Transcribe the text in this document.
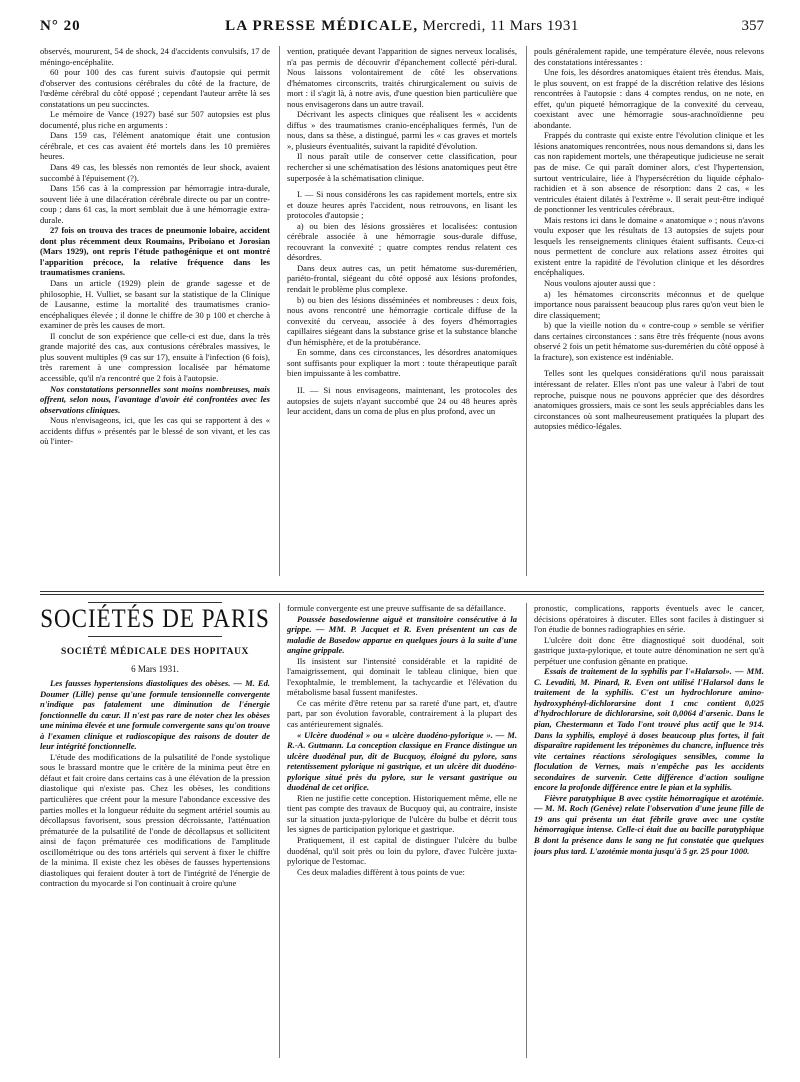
N° 20	LA PRESSE MÉDICALE, Mercredi, 11 Mars 1931	357

observés, moururent, 54 de shock, 24 d'accidents convulsifs, 17 de méningo-encéphalite.

60 pour 100 des cas furent suivis d'autopsie qui permit d'observer des contusions cérébrales du côté de la fracture, de l'œdème cérébral du côté opposé ; cependant l'auteur arrête là ses constatations un peu succinctes.

Le mémoire de Vance (1927) basé sur 507 autopsies est plus documenté, plus riche en arguments :

Dans 159 cas, l'élément anatomique était une contusion cérébrale, et ces cas avaient été mortels dans les 10 premières heures.

Dans 49 cas, les blessés non remontés de leur shock, avaient succombé à l'épuisement (?).

Dans 156 cas à la compression par hémorragie intra-durale, souvent liée à une dilacération cérébrale directe ou par un contre-coup ; dans 61 cas, la mort semblait due à une hémorragie extra-durale.

27 fois on trouva des traces de pneumonie lobaire, accident dont plus récemment deux Roumains, Priboiano et Jorosian (Mars 1929), ont repris l'étude pathogénique et ont montré l'apparition précoce, la relative fréquence dans les traumatismes craniens.

Dans un article (1929) plein de grande sagesse et de philosophie, H. Vulliet, se basant sur la statistique de la Clinique de Lausanne, estime la mortalité des traumatismes cranio-encéphaliques élevée ; il donne le chiffre de 30 p 100 et cherche à examiner de près les causes de mort.

Il conclut de son expérience que celle-ci est due, dans la très grande majorité des cas, aux contusions cérébrales massives, le plus souvent multiples (9 cas sur 17), ensuite à l'infection (6 fois), très rarement à une compression localisée par hématome accessible, qu'il n'a rencontré que 2 fois à l'autopsie.

Nos constatations personnelles sont moins nombreuses, mais offrent, selon nous, l'avantage d'avoir été confrontées avec les observations cliniques.

Nous n'envisageons, ici, que les cas qui se rapportent à des « accidents diffus » présentés par le blessé de son vivant, et les cas où l'inter-

vention, pratiquée devant l'apparition de signes nerveux localisés, n'a pas permis de découvrir d'épanchement collecté péri-dural. Nous laissons volontairement de côté les observations d'hématomes circonscrits, traités chirurgicalement ou suivis de mort : il s'agit là, à notre avis, d'une question bien particulière que nous envisagerons dans un autre travail.

Décrivant les aspects cliniques que réalisent les « accidents diffus » des traumatismes cranio-encéphaliques fermés, l'un de nous, dans sa thèse, a distingué, parmi les « cas graves et mortels », plusieurs éventualités, suivant la rapidité d'évolution.

Il nous paraît utile de conserver cette classification, pour rechercher si une schématisation des lésions anatomiques peut être superposée à la schématisation clinique.

I. — Si nous considérons les cas rapidement mortels, entre six et douze heures après l'accident, nous retrouvons, en lisant les protocoles d'autopsie ;

a) ou bien des lésions grossières et localisées: contusion cérébrale associée à une hémorragie sous-durale diffuse, recouvrant la convexité ; quatre comptes rendus relatent ces désordres.

Dans deux autres cas, un petit hématome sus-duremérien, pariéto-frontal, siégeant du côté opposé aux lésions profondes, rendait le problème plus complexe.

b) ou bien des lésions disséminées et nombreuses : deux fois, nous avons rencontré une hémorragie corticale diffuse de la convexité du cerveau, associée à des foyers d'hémorragies capillaires siégeant dans la substance grise et la substance blanche d'un hémisphère, et de la protubérance.

En somme, dans ces circonstances, les désordres anatomiques sont suffisants pour expliquer la mort : toute thérapeutique paraît bien impuissante à les combattre.

II. — Si nous envisageons, maintenant, les protocoles des autopsies de sujets n'ayant succombé que 24 ou 48 heures après leur accident, dans un coma de plus en plus profond, avec un

pouls généralement rapide, une température élevée, nous relevons des constatations intéressantes :

Une fois, les désordres anatomiques étaient très étendus. Mais, le plus souvent, on est frappé de la discrétion relative des lésions rencontrées à l'autopsie : dans 4 comptes rendus, on ne note, en effet, qu'un piqueté hémorragique de la convexité du cerveau, coexistant avec une hémorragie sous-arachnoïdienne peu abondante.

Frappés du contraste qui existe entre l'évolution clinique et les lésions anatomiques rencontrées, nous nous demandons si, dans les cas non rapidement mortels, une thérapeutique judicieuse ne serait pas de mise. Ce qui paraît dominer alors, c'est l'hypertension, surtout ventriculaire, liée à l'hypersécrétion du liquide céphalo-rachidien et à son absence de résorption: dans 2 cas, « les ventricules étaient dilatés à l'extrême ». Il serait peut-être indiqué de ponctionner les ventricules cérébraux.

Mais restons ici dans le domaine « anatomique » ; nous n'avons voulu exposer que les résultats de 13 autopsies de sujets pour lesquels les renseignements cliniques étaient suffisants. Ceux-ci nous permettent de conclure aux relations assez étroites qui existent entre la rapidité de l'évolution clinique et les désordres encéphaliques.

Nous voulons ajouter aussi que :

a) les hématomes circonscrits méconnus et de quelque importance nous paraissent beaucoup plus rares qu'on veut bien le dire classiquement;

b) que la vieille notion du « contre-coup » semble se vérifier dans certaines circonstances : sans être très fréquente (nous avons observé 2 fois un petit hématome sus-duremérien du côté opposé à la fracture), son existence est indéniable.

Telles sont les quelques considérations qu'il nous paraissait intéressant de relater. Elles n'ont pas une valeur à l'abri de tout reproche, puisque nous ne pouvons apprécier que des désordres anatomiques grossiers, mais ce sont les seuls appréciables dans les circonstances où sont malheureusement pratiquées la plupart des autopsies médico-légales.

SOCIÉTÉS DE PARIS
SOCIÉTÉ MÉDICALE DES HOPITAUX
6 Mars 1931.

Les fausses hypertensions diastoliques des obèses. — M. Ed. Doumer (Lille) pense qu'une formule tensionnelle convergente n'indique pas fatalement une diminution de l'énergie fonctionnelle du cœur. Il n'est pas rare de noter chez les obèses une minima élevée et une formule convergente sans qu'on trouve à l'examen clinique et radioscopique des raisons de douter de leur intégrité fonctionnelle.

L'étude des modifications de la pulsatilité de l'onde systolique sous le brassard montre que le critère de la minima peut être en défaut et fait croire dans certains cas à une élévation de la pression diastolique qui n'existe pas. Chez les obèses, les conditions particulières que créent pour la mesure l'abondance excessive des parties molles et la longueur réduite du segment artériel soumis au décollapsus favorisent, sous pression décroissante, l'atténuation prématurée de la pulsatilité de l'onde de décollapsus et sollicitent ainsi de façon prématurée ces modifications de l'amplitude oscillométrique ou des tons artériels qui servent à fixer le chiffre de la minima. Il existe chez les obèses de fausses hypertensions diastoliques qui feraient douter à tort de l'intégrité de l'énergie de contraction du myocarde si l'on continuait à croire qu'une

formule convergente est une preuve suffisante de sa défaillance.

Poussée basedowienne aiguë et transitoire consécutive à la grippe. — MM. P. Jacquet et R. Even présentent un cas de maladie de Basedow apparue en quelques jours à la suite d'une angine grippale.

Ils insistent sur l'intensité considérable et la rapidité de l'amaigrissement, qui dominait le tableau clinique, bien que l'exophtalmie, le tremblement, la tachycardie et l'élévation du métabolisme basal fussent manifestes.

Ce cas mérite d'être retenu par sa rareté d'une part, et, d'autre part, par son évolution favorable, contrairement à la plupart des cas antérieurement signalés.

« Ulcère duodénal » ou « ulcère duodéno-pylorique ». — M. R.-A. Gutmann. La conception classique en France distingue un ulcère duodénal pur, dit de Bucquoy, éloigné du pylore, sans retentissement pylorique ni gastrique, et un ulcère dit duodéno-pylorique situé près du pylore, sur le versant gastrique ou duodénal de cet orifice.

Rien ne justifie cette conception. Historiquement même, elle ne tient pas compte des travaux de Bucquoy qui, au contraire, insiste sur la situation juxta-pylorique de l'ulcère du bulbe et décrit tous les signes de participation pylorique et gastrique.

Pratiquement, il est capital de distinguer l'ulcère du bulbe duodénal, qu'il soit près ou loin du pylore, d'avec l'ulcère juxta-pylorique de l'estomac.

Ces deux maladies diffèrent à tous points de vue:

pronostic, complications, rapports éventuels avec le cancer, décisions opératoires à discuter. Elles sont faciles à distinguer si l'on étudie de bonnes radiographies en série.

L'ulcère doit donc être diagnostiqué soit duodénal, soit gastrique juxta-pylorique, et toute autre dénomination ne sert qu'à perpétuer une confusion gênante en pratique.

Essais de traitement de la syphilis par l'«Halarsol». — MM. C. Levaditi, M. Pinard, R. Even ont utilisé l'Halarsol dans le traitement de la syphilis. C'est un hydrochlorure amino-hydroxyphényl-dichlorarsine dont 1 cmc contient 0,025 d'hydrochlorure de dichlorarsine, soit 0,0064 d'arsenic. Dans le pian, Chestermann et Tado l'ont trouvé plus actif que le 914. Dans la syphilis, employé à doses beaucoup plus fortes, il fait disparaître rapidement les tréponèmes du chancre, influence très vite certaines réactions sérologiques sensibles, comme la floculation de Vernes, mais n'empêche pas les accidents secondaires de survenir. Cette différence d'action souligne encore la profonde différence entre le pian et la syphilis.

Fièvre paratyphique B avec cystite hémorragique et azotémie. — M. M. Roch (Genève) relate l'observation d'une jeune fille de 19 ans qui présenta un état fébrile grave avec une cystite hémorragique intense. Celle-ci était due au bacille paratyphique B dont la présence dans le sang ne fut constatée que quelques jours plus tard. L'azotémie monta jusqu'à 5 gr. 25 pour 1000.
